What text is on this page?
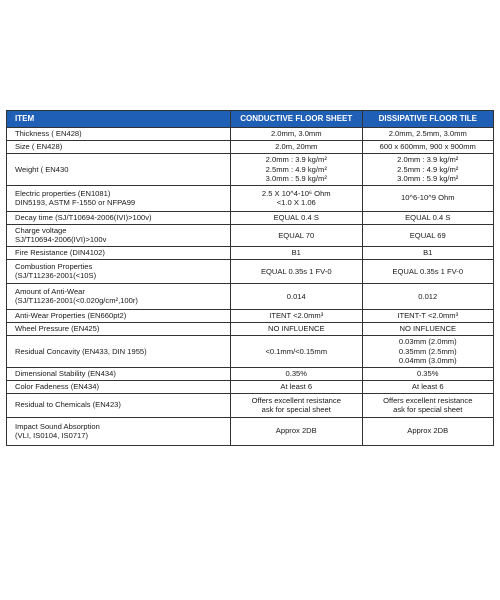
ITEM	CONDUCTIVE FLOOR SHEET	DISSIPATIVE FLOOR TILE

Thickness ( EN428)	2.0mm, 3.0mm	2.0mm, 2.5mm, 3.0mm

Size ( EN428)	2.0m, 20mm	600 x 600mm, 900 x 900mm

Weight ( EN430	2.0mm : 3.9 kg/m²
2.5mm : 4.9 kg/m²
3.0mm : 5.9 kg/m²	2.0mm : 3.9 kg/m²
2.5mm : 4.9 kg/m²
3.0mm : 5.9 kg/m²

Electric properties (EN1081)
DIN5193, ASTM F-1550 or NFPA99	2.5 X 10^4-10⁶ Ohm
<1.0 X 1.06	10^6-10^9 Ohm

Decay time (SJ/T10694-2006(IVI)>100v)	EQUAL 0.4 S	EQUAL 0.4 S

Charge voltage
SJ/T10694-2006(IVI)>100v	EQUAL 70	EQUAL 69

Fire Resistance (DIN4102)	B1	B1

Combustion Properties
(SJ/T11236-2001(<10S)	EQUAL 0.35s 1 FV-0	EQUAL 0.35s 1 FV-0

Amount of Anti-Wear
(SJ/T11236-2001(<0.020g/cm²,100r)	0.014	0.012

Anti-Wear Properties (EN660pt2)	ITENT <2.0mm³	ITENT-T <2.0mm³

Wheel Pressure (EN425)	NO INFLUENCE	NO INFLUENCE

Residual Concavity (EN433, DIN 1955)	<0.1mm/<0.15mm	0.03mm (2.0mm)
0.35mm (2.5mm)
0.04mm (3.0mm)

Dimensional Stability (EN434)	0.35%	0.35%

Color Fadeness (EN434)	At least 6	At least 6

Residual to Chemicals (EN423)	Offers excellent resistance
ask for special sheet	Offers excellent resistance
ask for special sheet

Impact Sound Absorption
(VLI, IS0104, IS0717)	Approx 2DB	Approx 2DB
